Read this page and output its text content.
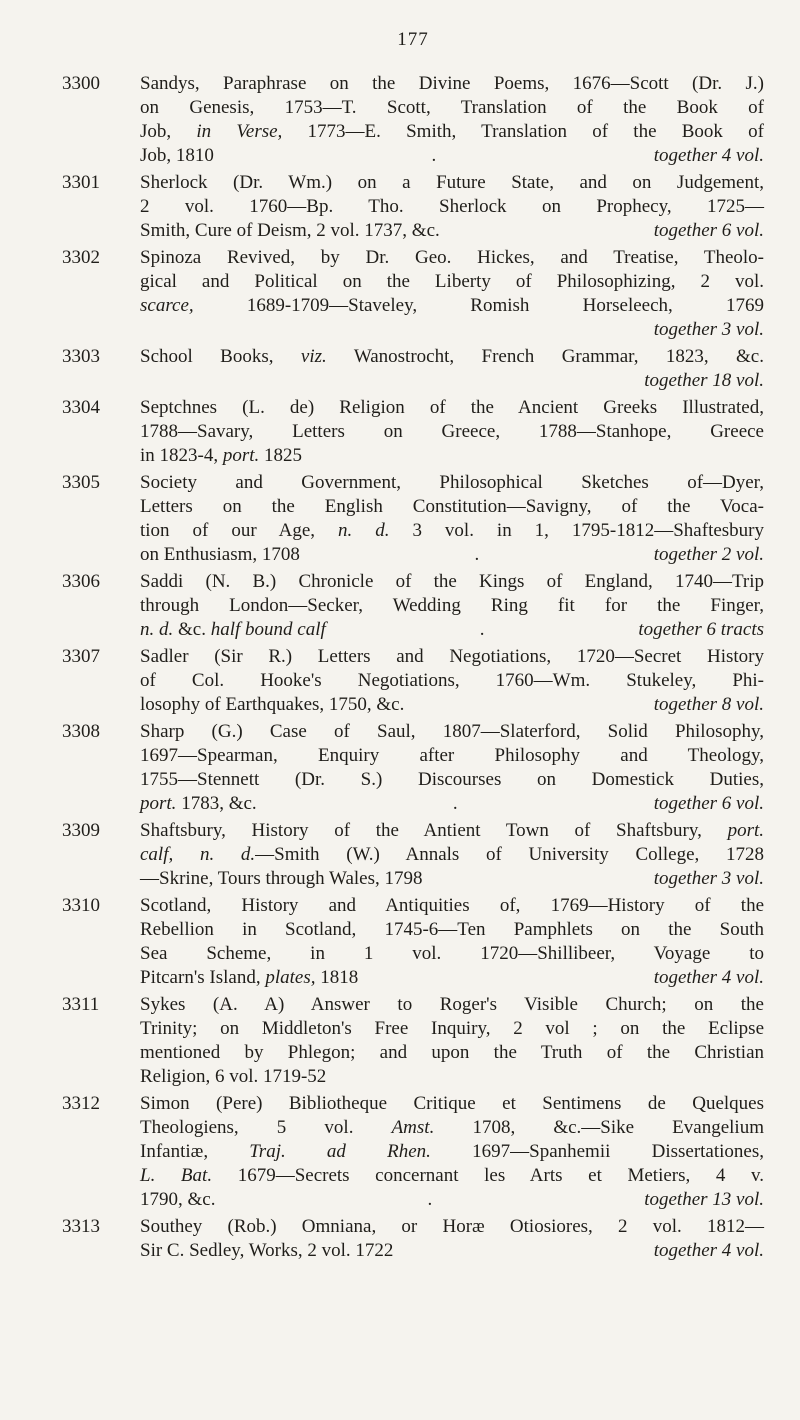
177
3300	Sandys, Paraphrase on the Divine Poems, 1676—Scott (Dr. J.)
on Genesis, 1753—T. Scott, Translation of the Book of
Job, in Verse, 1773—E. Smith, Translation of the Book of
Job, 1810	.	together 4 vol.
3301	Sherlock (Dr. Wm.) on a Future State, and on Judgement,
2 vol. 1760—Bp. Tho. Sherlock on Prophecy, 1725—
Smith, Cure of Deism, 2 vol. 1737, &c.	together 6 vol.
3302	Spinoza Revived, by Dr. Geo. Hickes, and Treatise, Theolo-
gical and Political on the Liberty of Philosophizing, 2 vol.
scarce, 1689-1709—Staveley, Romish Horseleech, 1769
together 3 vol.
3303	School Books, viz. Wanostrocht, French Grammar, 1823, &c.
together 18 vol.
3304	Septchnes (L. de) Religion of the Ancient Greeks Illustrated,
1788—Savary, Letters on Greece, 1788—Stanhope, Greece
in 1823-4, port. 1825
3305	Society and Government, Philosophical Sketches of—Dyer,
Letters on the English Constitution—Savigny, of the Voca-
tion of our Age, n. d. 3 vol. in 1, 1795-1812—Shaftesbury
on Enthusiasm, 1708	.	together 2 vol.
3306	Saddi (N. B.) Chronicle of the Kings of England, 1740—Trip
through London—Secker, Wedding Ring fit for the Finger,
n. d. &c. half bound calf	.	together 6 tracts
3307	Sadler (Sir R.) Letters and Negotiations, 1720—Secret History
of Col. Hooke's Negotiations, 1760—Wm. Stukeley, Phi-
losophy of Earthquakes, 1750, &c.	together 8 vol.
3308	Sharp (G.) Case of Saul, 1807—Slaterford, Solid Philosophy,
1697—Spearman, Enquiry after Philosophy and Theology,
1755—Stennett (Dr. S.) Discourses on Domestick Duties,
port. 1783, &c.	.	together 6 vol.
3309	Shaftsbury, History of the Antient Town of Shaftsbury, port.
calf, n. d.—Smith (W.) Annals of University College, 1728
—Skrine, Tours through Wales, 1798	together 3 vol.
3310	Scotland, History and Antiquities of, 1769—History of the
Rebellion in Scotland, 1745-6—Ten Pamphlets on the South
Sea Scheme, in 1 vol. 1720—Shillibeer, Voyage to
Pitcarn's Island, plates, 1818	together 4 vol.
3311	Sykes (A. A) Answer to Roger's Visible Church; on the
Trinity; on Middleton's Free Inquiry, 2 vol ; on the Eclipse
mentioned by Phlegon; and upon the Truth of the Christian
Religion, 6 vol. 1719-52
3312	Simon (Pere) Bibliotheque Critique et Sentimens de Quelques
Theologiens, 5 vol. Amst. 1708, &c.—Sike Evangelium
Infantiæ, Traj. ad Rhen. 1697—Spanhemii Dissertationes,
L. Bat. 1679—Secrets concernant les Arts et Metiers, 4 v.
1790, &c.	.	together 13 vol.
3313	Southey (Rob.) Omniana, or Horæ Otiosiores, 2 vol. 1812—
Sir C. Sedley, Works, 2 vol. 1722	together 4 vol.
